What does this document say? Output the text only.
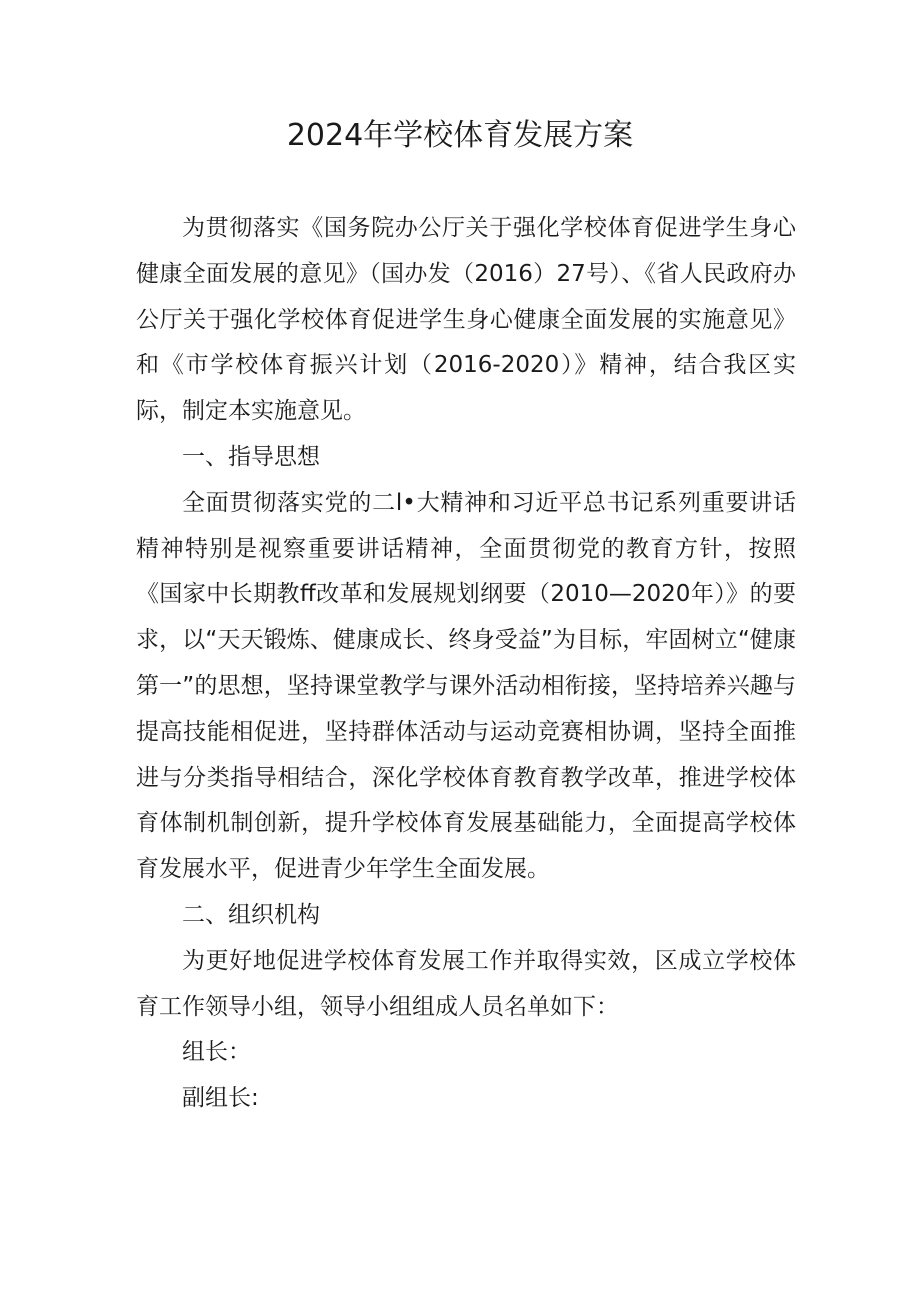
2024年学校体育发展方案

为贯彻落实《国务院办公厅关于强化学校体育促进学生身心健康全面发展的意见》（国办发（2016）27号）、《省人民政府办公厅关于强化学校体育促进学生身心健康全面发展的实施意见》和《市学校体育振兴计划（2016-2020）》精神，结合我区实际，制定本实施意见。

一、指导思想

全面贯彻落实党的二l•大精神和习近平总书记系列重要讲话精神特别是视察重要讲话精神，全面贯彻党的教育方针，按照《国家中长期教ff改革和发展规划纲要（2010—2020年）》的要求，以“天天锻炼、健康成长、终身受益”为目标，牢固树立“健康第一”的思想，坚持课堂教学与课外活动相衔接，坚持培养兴趣与提高技能相促进，坚持群体活动与运动竞赛相协调，坚持全面推进与分类指导相结合，深化学校体育教育教学改革，推进学校体育体制机制创新，提升学校体育发展基础能力，全面提高学校体育发展水平，促进青少年学生全面发展。

二、组织机构

为更好地促进学校体育发展工作并取得实效，区成立学校体育工作领导小组，领导小组组成人员名单如下：

组长：

副组长:
